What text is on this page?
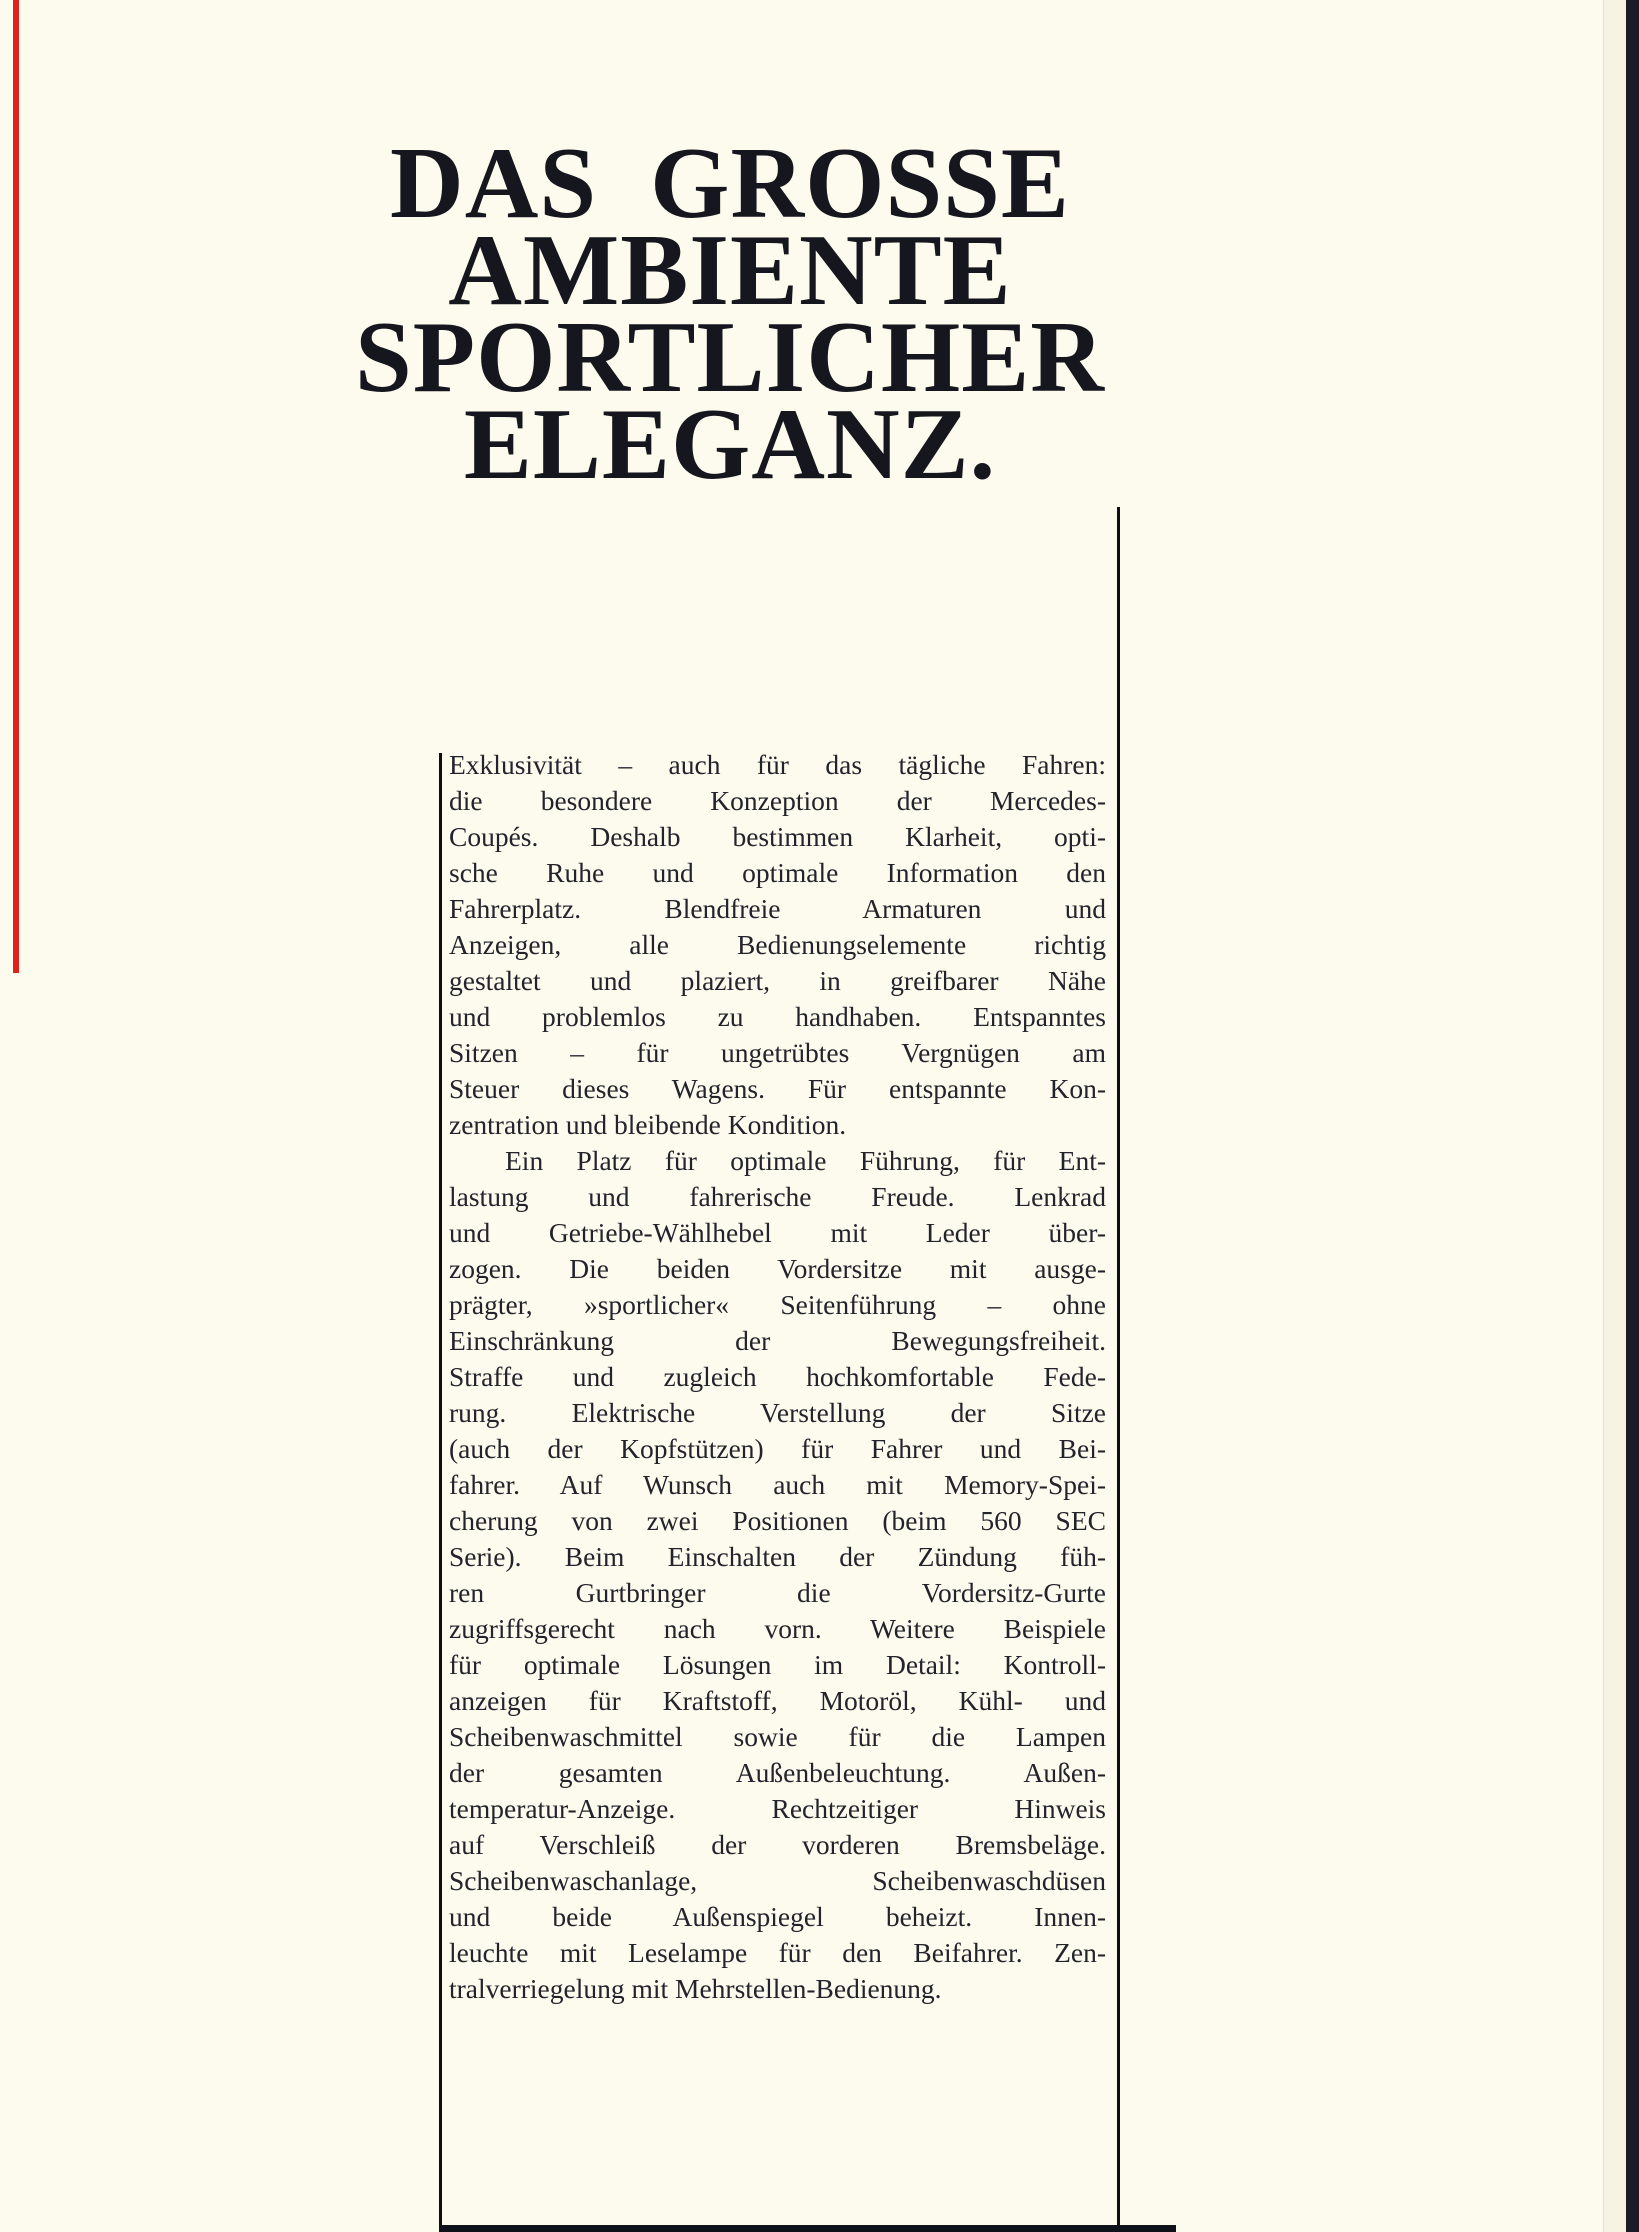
DAS GROSSE
AMBIENTE
SPORTLICHER
ELEGANZ.
Exklusivität – auch für das tägliche Fahren:
die besondere Konzeption der Mercedes-
Coupés. Deshalb bestimmen Klarheit, opti-
sche Ruhe und optimale Information den
Fahrerplatz. Blendfreie Armaturen und
Anzeigen, alle Bedienungselemente richtig
gestaltet und plaziert, in greifbarer Nähe
und problemlos zu handhaben. Entspanntes
Sitzen – für ungetrübtes Vergnügen am
Steuer dieses Wagens. Für entspannte Kon-
zentration und bleibende Kondition.
Ein Platz für optimale Führung, für Ent-
lastung und fahrerische Freude. Lenkrad
und Getriebe-Wählhebel mit Leder über-
zogen. Die beiden Vordersitze mit ausge-
prägter, »sportlicher« Seitenführung – ohne
Einschränkung der Bewegungsfreiheit.
Straffe und zugleich hochkomfortable Fede-
rung. Elektrische Verstellung der Sitze
(auch der Kopfstützen) für Fahrer und Bei-
fahrer. Auf Wunsch auch mit Memory-Spei-
cherung von zwei Positionen (beim 560 SEC
Serie). Beim Einschalten der Zündung füh-
ren Gurtbringer die Vordersitz-Gurte
zugriffsgerecht nach vorn. Weitere Beispiele
für optimale Lösungen im Detail: Kontroll-
anzeigen für Kraftstoff, Motoröl, Kühl- und
Scheibenwaschmittel sowie für die Lampen
der gesamten Außenbeleuchtung. Außen-
temperatur-Anzeige. Rechtzeitiger Hinweis
auf Verschleiß der vorderen Bremsbeläge.
Scheibenwaschanlage, Scheibenwaschdüsen
und beide Außenspiegel beheizt. Innen-
leuchte mit Leselampe für den Beifahrer. Zen-
tralverriegelung mit Mehrstellen-Bedienung.
